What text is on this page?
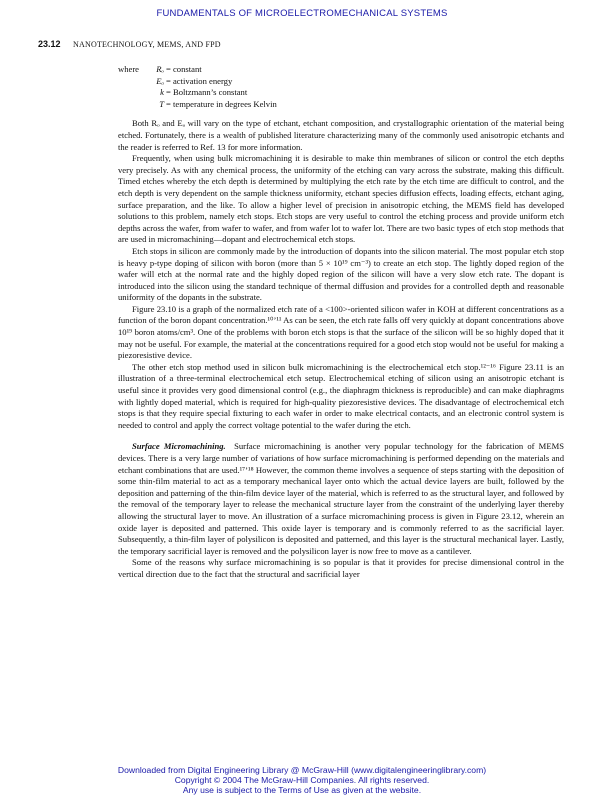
FUNDAMENTALS OF MICROELECTROMECHANICAL SYSTEMS
23.12 NANOTECHNOLOGY, MEMS, AND FPD
where	Rₒ = constant
Eₐ = activation energy
k = Boltzmann’s constant
T = temperature in degrees Kelvin

Both Rₒ and Eₐ will vary on the type of etchant, etchant composition, and crystallographic orientation of the material being etched. Fortunately, there is a wealth of published literature characterizing many of the commonly used anisotropic etchants and the reader is referred to Ref. 13 for more information.

Frequently, when using bulk micromachining it is desirable to make thin membranes of silicon or control the etch depths very precisely. As with any chemical process, the uniformity of the etching can vary across the substrate, making this difficult. Timed etches whereby the etch depth is determined by multiplying the etch rate by the etch time are difficult to control, and the etch depth is very dependent on the sample thickness uniformity, etchant species diffusion effects, loading effects, etchant aging, surface preparation, and the like. To allow a higher level of precision in anisotropic etching, the MEMS field has developed solutions to this problem, namely etch stops. Etch stops are very useful to control the etching process and provide uniform etch depths across the wafer, from wafer to wafer, and from wafer lot to wafer lot. There are two basic types of etch stop methods that are used in micromachining—dopant and electrochemical etch stops.

Etch stops in silicon are commonly made by the introduction of dopants into the silicon material. The most popular etch stop is heavy p-type doping of silicon with boron (more than 5 × 10¹⁹ cm⁻³) to create an etch stop. The lightly doped region of the wafer will etch at the normal rate and the highly doped region of the silicon will have a very slow etch rate. The dopant is introduced into the silicon using the standard technique of thermal diffusion and provides for a controlled depth and reasonable uniformity of the dopants in the substrate.

Figure 23.10 is a graph of the normalized etch rate of a <100>-oriented silicon wafer in KOH at different concentrations as a function of the boron dopant concentration.¹⁰ʼ¹¹ As can be seen, the etch rate falls off very quickly at dopant concentrations above 10¹⁹ boron atoms/cm³. One of the problems with boron etch stops is that the surface of the silicon will be so highly doped that it may not be useful. For example, the material at the concentrations required for a good etch stop would not be useful for making a piezoresistive device.

The other etch stop method used in silicon bulk micromachining is the electrochemical etch stop.¹²⁻¹⁶ Figure 23.11 is an illustration of a three-terminal electrochemical etch setup. Electrochemical etching of silicon using an anisotropic etchant is useful since it provides very good dimensional control (e.g., the diaphragm thickness is reproducible) and can make diaphragms with lightly doped material, which is required for high-quality piezoresistive devices. The disadvantage of electrochemical etch stops is that they require special fixturing to each wafer in order to make electrical contacts, and an electronic control system is needed to control and apply the correct voltage potential to the wafer during the etch.

Surface Micromachining. Surface micromachining is another very popular technology for the fabrication of MEMS devices. There is a very large number of variations of how surface micromachining is performed depending on the materials and etchant combinations that are used.¹⁷ʼ¹⁸ However, the common theme involves a sequence of steps starting with the deposition of some thin-film material to act as a temporary mechanical layer onto which the actual device layers are built, followed by the deposition and patterning of the thin-film device layer of the material, which is referred to as the structural layer, and followed by the removal of the temporary layer to release the mechanical structure layer from the constraint of the underlying layer thereby allowing the structural layer to move. An illustration of a surface micromachining process is given in Figure 23.12, wherein an oxide layer is deposited and patterned. This oxide layer is temporary and is commonly referred to as the sacrificial layer. Subsequently, a thin-film layer of polysilicon is deposited and patterned, and this layer is the structural mechanical layer. Lastly, the temporary sacrificial layer is removed and the polysilicon layer is now free to move as a cantilever.

Some of the reasons why surface micromachining is so popular is that it provides for precise dimensional control in the vertical direction due to the fact that the structural and sacrificial layer

Downloaded from Digital Engineering Library @ McGraw-Hill (www.digitalengineeringlibrary.com)
Copyright © 2004 The McGraw-Hill Companies. All rights reserved.
Any use is subject to the Terms of Use as given at the website.
